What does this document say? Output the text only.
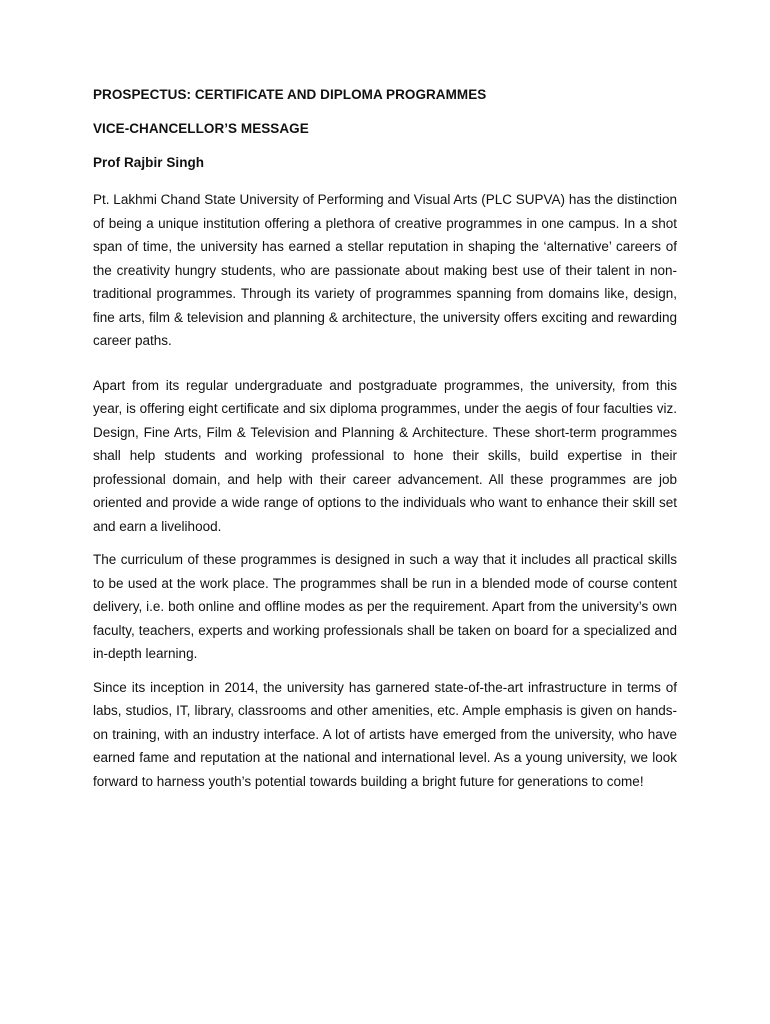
PROSPECTUS: CERTIFICATE AND DIPLOMA PROGRAMMES
VICE-CHANCELLOR’S MESSAGE
Prof Rajbir Singh

Pt. Lakhmi Chand State University of Performing and Visual Arts (PLC SUPVA) has the distinction of being a unique institution offering a plethora of creative programmes in one campus. In a shot span of time, the university has earned a stellar reputation in shaping the ‘alternative’ careers of the creativity hungry students, who are passionate about making best use of their talent in non-traditional programmes. Through its variety of programmes spanning from domains like, design, fine arts, film & television and planning & architecture, the university offers exciting and rewarding career paths.

Apart from its regular undergraduate and postgraduate programmes, the university, from this year, is offering eight certificate and six diploma programmes, under the aegis of four faculties viz. Design, Fine Arts, Film & Television and Planning & Architecture. These short-term programmes shall help students and working professional to hone their skills, build expertise in their professional domain, and help with their career advancement. All these programmes are job oriented and provide a wide range of options to the individuals who want to enhance their skill set and earn a livelihood.

The curriculum of these programmes is designed in such a way that it includes all practical skills to be used at the work place. The programmes shall be run in a blended mode of course content delivery, i.e. both online and offline modes as per the requirement. Apart from the university’s own faculty, teachers, experts and working professionals shall be taken on board for a specialized and in-depth learning.

Since its inception in 2014, the university has garnered state-of-the-art infrastructure in terms of labs, studios, IT, library, classrooms and other amenities, etc. Ample emphasis is given on hands-on training, with an industry interface. A lot of artists have emerged from the university, who have earned fame and reputation at the national and international level. As a young university, we look forward to harness youth’s potential towards building a bright future for generations to come!
